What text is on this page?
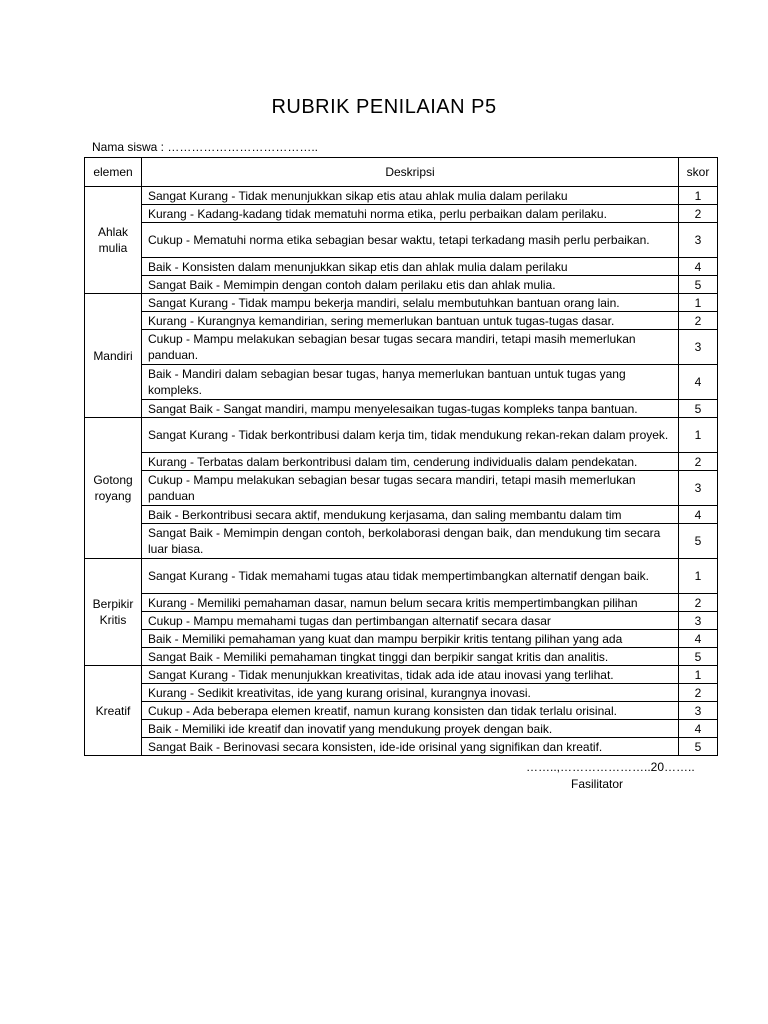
RUBRIK PENILAIAN P5
Nama siswa : ………………………………..
elemen	Deskripsi	skor
Ahlak mulia	Sangat Kurang - Tidak menunjukkan sikap etis atau ahlak mulia dalam perilaku	1
	Kurang - Kadang-kadang tidak mematuhi norma etika, perlu perbaikan dalam perilaku.	2
	Cukup - Mematuhi norma etika sebagian besar waktu, tetapi terkadang masih perlu perbaikan.	3
	Baik - Konsisten dalam menunjukkan sikap etis dan ahlak mulia dalam perilaku	4
	Sangat Baik - Memimpin dengan contoh dalam perilaku etis dan ahlak mulia.	5
Mandiri	Sangat Kurang - Tidak mampu bekerja mandiri, selalu membutuhkan bantuan orang lain.	1
	Kurang - Kurangnya kemandirian, sering memerlukan bantuan untuk tugas-tugas dasar.	2
	Cukup - Mampu melakukan sebagian besar tugas secara mandiri, tetapi masih memerlukan panduan.	3
	Baik - Mandiri dalam sebagian besar tugas, hanya memerlukan bantuan untuk tugas yang kompleks.	4
	Sangat Baik - Sangat mandiri, mampu menyelesaikan tugas-tugas kompleks tanpa bantuan.	5
Gotong royang	Sangat Kurang - Tidak berkontribusi dalam kerja tim, tidak mendukung rekan-rekan dalam proyek.	1
	Kurang - Terbatas dalam berkontribusi dalam tim, cenderung individualis dalam pendekatan.	2
	Cukup - Mampu melakukan sebagian besar tugas secara mandiri, tetapi masih memerlukan panduan	3
	Baik - Berkontribusi secara aktif, mendukung kerjasama, dan saling membantu dalam tim	4
	Sangat Baik - Memimpin dengan contoh, berkolaborasi dengan baik, dan mendukung tim secara luar biasa.	5
Berpikir Kritis	Sangat Kurang - Tidak memahami tugas atau tidak mempertimbangkan alternatif dengan baik.	1
	Kurang - Memiliki pemahaman dasar, namun belum secara kritis mempertimbangkan pilihan	2
	Cukup - Mampu memahami tugas dan pertimbangan alternatif secara dasar	3
	Baik - Memiliki pemahaman yang kuat dan mampu berpikir kritis tentang pilihan yang ada	4
	Sangat Baik - Memiliki pemahaman tingkat tinggi dan berpikir sangat kritis dan analitis.	5
Kreatif	Sangat Kurang - Tidak menunjukkan kreativitas, tidak ada ide atau inovasi yang terlihat.	1
	Kurang - Sedikit kreativitas, ide yang kurang orisinal, kurangnya inovasi.	2
	Cukup - Ada beberapa elemen kreatif, namun kurang konsisten dan tidak terlalu orisinal.	3
	Baik - Memiliki ide kreatif dan inovatif yang mendukung proyek dengan baik.	4
	Sangat Baik - Berinovasi secara konsisten, ide-ide orisinal yang signifikan dan kreatif.	5
……..,…………………..20……..
Fasilitator
